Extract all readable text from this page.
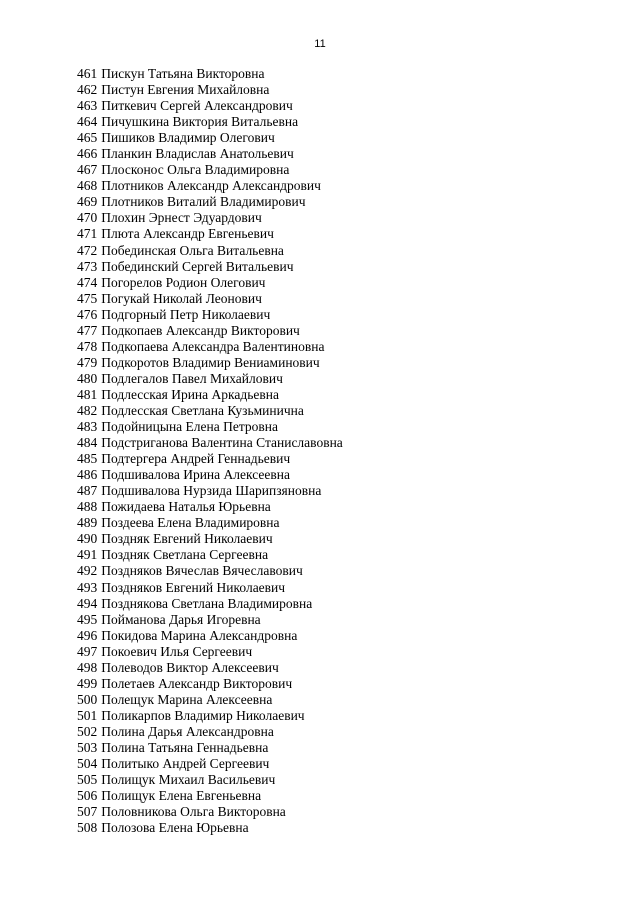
11
461 Пискун Татьяна Викторовна
462 Пистун Евгения Михайловна
463 Питкевич Сергей Александрович
464 Пичушкина Виктория Витальевна
465 Пишиков Владимир Олегович
466 Планкин Владислав Анатольевич
467 Плосконос Ольга Владимировна
468 Плотников Александр Александрович
469 Плотников Виталий Владимирович
470 Плохин Эрнест Эдуардович
471 Плюта Александр Евгеньевич
472 Побединская Ольга Витальевна
473 Побединский Сергей Витальевич
474 Погорелов Родион Олегович
475 Погукай Николай Леонович
476 Подгорный Петр Николаевич
477 Подкопаев Александр Викторович
478 Подкопаева Александра Валентиновна
479 Подкоротов Владимир Вениаминович
480 Подлегалов Павел Михайлович
481 Подлесская Ирина Аркадьевна
482 Подлесская Светлана Кузьминична
483 Подойницына Елена Петровна
484 Подстриганова Валентина Станиславовна
485 Подтергера Андрей Геннадьевич
486 Подшивалова Ирина Алексеевна
487 Подшивалова Нурзида Шарипзяновна
488 Пожидаева Наталья Юрьевна
489 Поздеева Елена Владимировна
490 Поздняк Евгений Николаевич
491 Поздняк Светлана Сергеевна
492 Поздняков Вячеслав Вячеславович
493 Поздняков Евгений Николаевич
494 Позднякова Светлана Владимировна
495 Пойманова Дарья Игоревна
496 Покидова Марина Александровна
497 Покоевич Илья Сергеевич
498 Полеводов Виктор Алексеевич
499 Полетаев Александр Викторович
500 Полещук Марина Алексеевна
501 Поликарпов Владимир Николаевич
502 Полина Дарья Александровна
503 Полина Татьяна Геннадьевна
504 Политыко Андрей Сергеевич
505 Полищук Михаил Васильевич
506 Полищук Елена Евгеньевна
507 Половникова Ольга Викторовна
508 Полозова Елена Юрьевна
